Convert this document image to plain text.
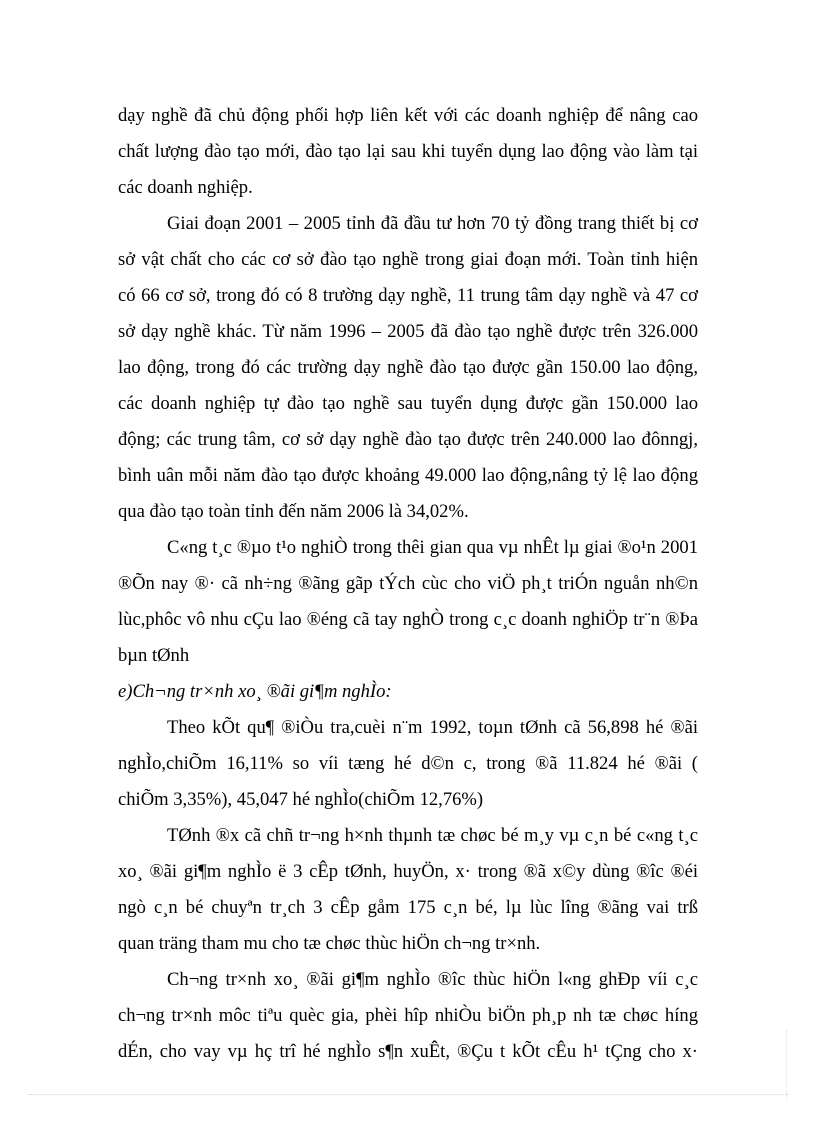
dạy nghề đã chủ động phối hợp liên kết với các doanh nghiệp để nâng cao

chất lượng đào tạo mới, đào tạo lại sau khi tuyển dụng lao động vào làm tại

các doanh nghiệp.

Giai đoạn 2001 – 2005 tỉnh đã đầu tư hơn 70 tỷ đồng trang thiết bị cơ

sở vật chất cho các cơ sở đào tạo nghề trong giai đoạn mới. Toàn tỉnh hiện

có 66 cơ sở, trong đó có 8 trường dạy nghề, 11 trung tâm dạy nghề và 47 cơ

sở dạy nghề khác. Từ năm 1996 – 2005 đã đào tạo nghề được trên 326.000

lao động, trong đó các trường dạy nghề đào tạo được gần 150.00 lao động,

các doanh nghiệp tự đào tạo nghề sau tuyển dụng được gần 150.000 lao

động; các trung tâm, cơ sở dạy nghề đào tạo được trên 240.000 lao đônngj,

bình uân mỗi năm đào tạo được khoảng 49.000 lao động,nâng tỷ lệ lao động

qua đào tạo toàn tỉnh đến năm 2006 là 34,02%.

C«ng t¸c ®µo t¹o nghiÒ trong thêi gian qua vµ nhÊt lµ giai ®o¹n 2001

®Õn nay ®· cã nh÷ng ®ãng gãp tÝch cùc cho viÖ ph¸t triÓn nguån nh©n

lùc,phôc vô nhu cÇu lao ®éng cã tay nghÒ trong c¸c doanh nghiÖp tr¨n ®Þa

bµn tØnh

e)Ch¬ng tr×nh xo¸ ®ãi gi¶m nghÌo:

Theo kÕt qu¶ ®iÒu tra,cuèi n¨m 1992, toµn tØnh cã 56,898 hé ®ãi

nghÌo,chiÕm 16,11% so víi tæng hé d©n c, trong ®ã 11.824 hé ®ãi (

chiÕm 3,35%), 45,047 hé nghÌo(chiÕm 12,76%)

TØnh ®x cã chñ tr¬ng h×nh thµnh tæ chøc bé m¸y vµ c¸n bé c«ng t¸c

xo¸ ®ãi gi¶m nghÌo ë 3 cÊp tØnh, huyÖn, x· trong ®ã x©y dùng ®îc ®éi

ngò c¸n bé chuyªn tr¸ch 3 cÊp gåm 175 c¸n bé, lµ lùc lîng ®ãng vai trß

quan träng tham mu cho tæ chøc thùc hiÖn ch¬ng tr×nh.

Ch¬ng tr×nh xo¸ ®ãi gi¶m nghÌo ®îc thùc hiÖn l«ng ghÐp víi c¸c

ch¬ng tr×nh môc tiªu quèc gia, phèi hîp nhiÒu biÖn ph¸p nh tæ chøc híng

dÉn, cho vay vµ hç trî hé nghÌo s¶n xuÊt, ®Çu t kÕt cÊu h¹ tÇng cho x·
